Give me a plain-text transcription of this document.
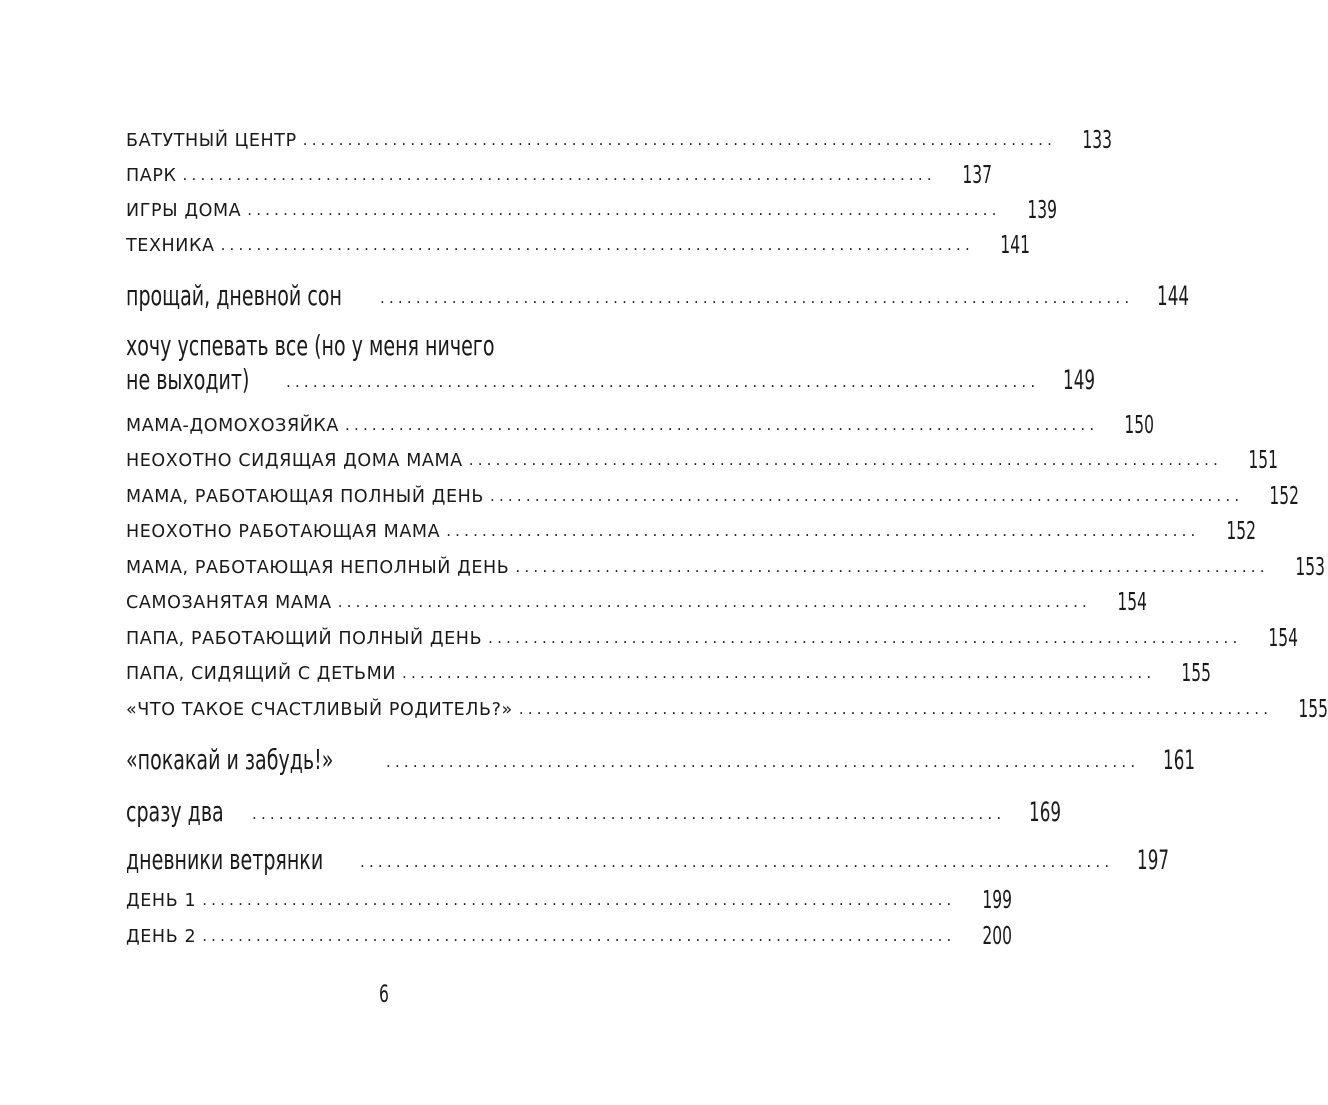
БАТУТНЫЙ ЦЕНТР .................................................................................... 133
ПАРК .................................................................................... 137
ИГРЫ ДОМА .................................................................................... 139
ТЕХНИКА .................................................................................... 141
прощай, дневной сон	.................................................................................... 144
хочу успевать все (но у меня ничего
не выходит)	.................................................................................... 149
МАМА-ДОМОХОЗЯЙКА .................................................................................... 150
НЕОХОТНО СИДЯЩАЯ ДОМА МАМА .................................................................................... 151
МАМА, РАБОТАЮЩАЯ ПОЛНЫЙ ДЕНЬ .................................................................................... 152
НЕОХОТНО РАБОТАЮЩАЯ МАМА .................................................................................... 152
МАМА, РАБОТАЮЩАЯ НЕПОЛНЫЙ ДЕНЬ .................................................................................... 153
САМОЗАНЯТАЯ МАМА .................................................................................... 154
ПАПА, РАБОТАЮЩИЙ ПОЛНЫЙ ДЕНЬ .................................................................................... 154
ПАПА, СИДЯЩИЙ С ДЕТЬМИ .................................................................................... 155
«ЧТО ТАКОЕ СЧАСТЛИВЫЙ РОДИТЕЛЬ?» .................................................................................... 155
«покакай и забудь!»	.................................................................................... 161
сразу два	.................................................................................... 169
дневники ветрянки	.................................................................................... 197
ДЕНЬ 1 .................................................................................... 199
ДЕНЬ 2 .................................................................................... 200
6
